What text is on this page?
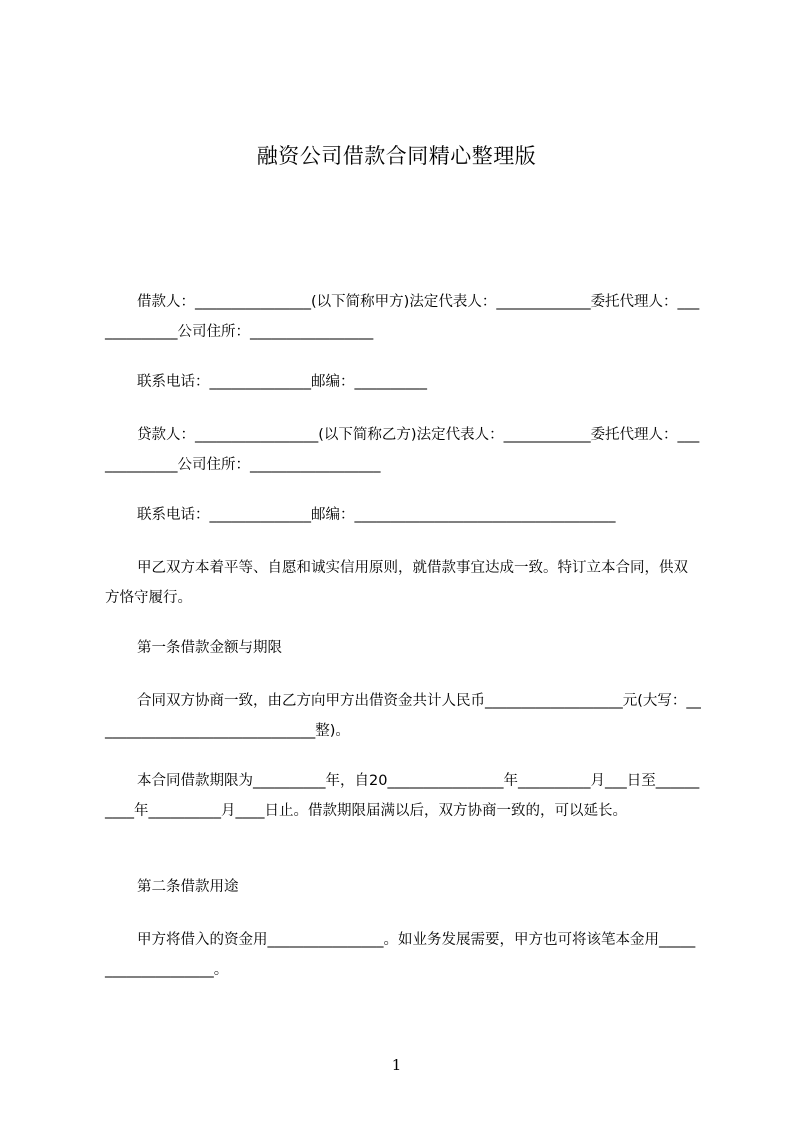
融资公司借款合同精心整理版
借款人：________________(以下简称甲方)法定代表人：_____________委托代理人：_____________公司住所：_________________
联系电话：______________邮编：__________
贷款人：_________________(以下简称乙方)法定代表人：____________委托代理人：_____________公司住所：__________________
联系电话：______________邮编：____________________________________
甲乙双方本着平等、自愿和诚实信用原则，就借款事宜达成一致。特订立本合同，供双方恪守履行。
第一条借款金额与期限
合同双方协商一致，由乙方向甲方出借资金共计人民币___________________元(大写：_______________________________整)。
本合同借款期限为__________年，自20________________年__________月___日至__________年__________月____日止。借款期限届满以后，双方协商一致的，可以延长。
第二条借款用途
甲方将借入的资金用________________。如业务发展需要，甲方也可将该笔本金用____________________。
1
